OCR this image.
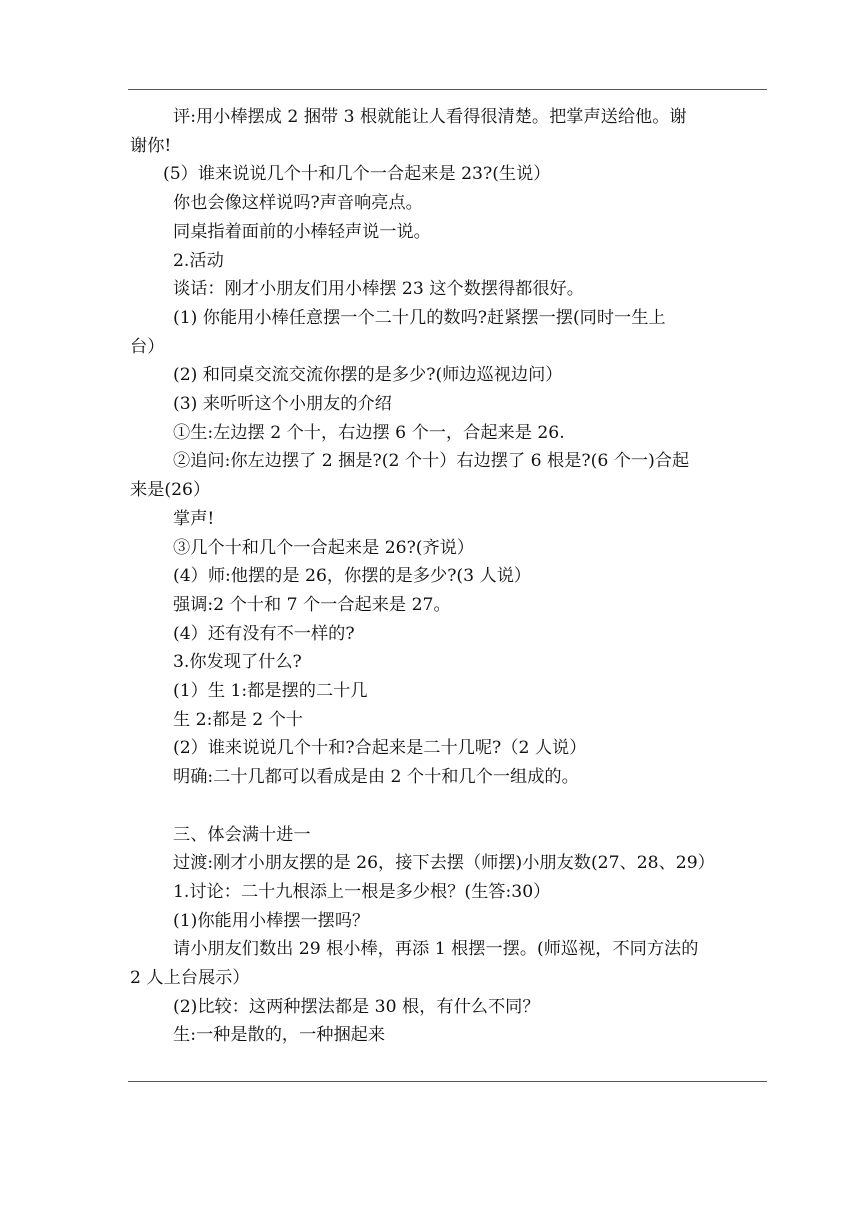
评:用小棒摆成 2 捆带 3 根就能让人看得很清楚。把掌声送给他。谢
谢你!
(5）谁来说说几个十和几个一合起来是 23?(生说）
你也会像这样说吗?声音响亮点。
同桌指着面前的小棒轻声说一说。
2.活动
谈话：刚才小朋友们用小棒摆 23 这个数摆得都很好。
(1) 你能用小棒任意摆一个二十几的数吗?赶紧摆一摆(同时一生上
台）
(2) 和同桌交流交流你摆的是多少?(师边巡视边问）
(3) 来听听这个小朋友的介绍
①生:左边摆 2 个十，右边摆 6 个一，合起来是 26.
②追问:你左边摆了 2 捆是?(2 个十）右边摆了 6 根是?(6 个一)合起
来是(26）
掌声!
③几个十和几个一合起来是 26?(齐说）
(4）师:他摆的是 26，你摆的是多少?(3 人说）
强调:2 个十和 7 个一合起来是 27。
(4）还有没有不一样的?
3.你发现了什么?
(1）生 1:都是摆的二十几
生 2:都是 2 个十
(2）谁来说说几个十和?合起来是二十几呢?（2 人说）
明确:二十几都可以看成是由 2 个十和几个一组成的。
三、体会满十进一
过渡:刚才小朋友摆的是 26，接下去摆（师摆)小朋友数(27、28、29）
1.讨论：二十九根添上一根是多少根？(生答:30）
(1)你能用小棒摆一摆吗？
请小朋友们数出 29 根小棒，再添 1 根摆一摆。(师巡视，不同方法的
2 人上台展示）
(2)比较：这两种摆法都是 30 根，有什么不同？
生:一种是散的，一种捆起来
